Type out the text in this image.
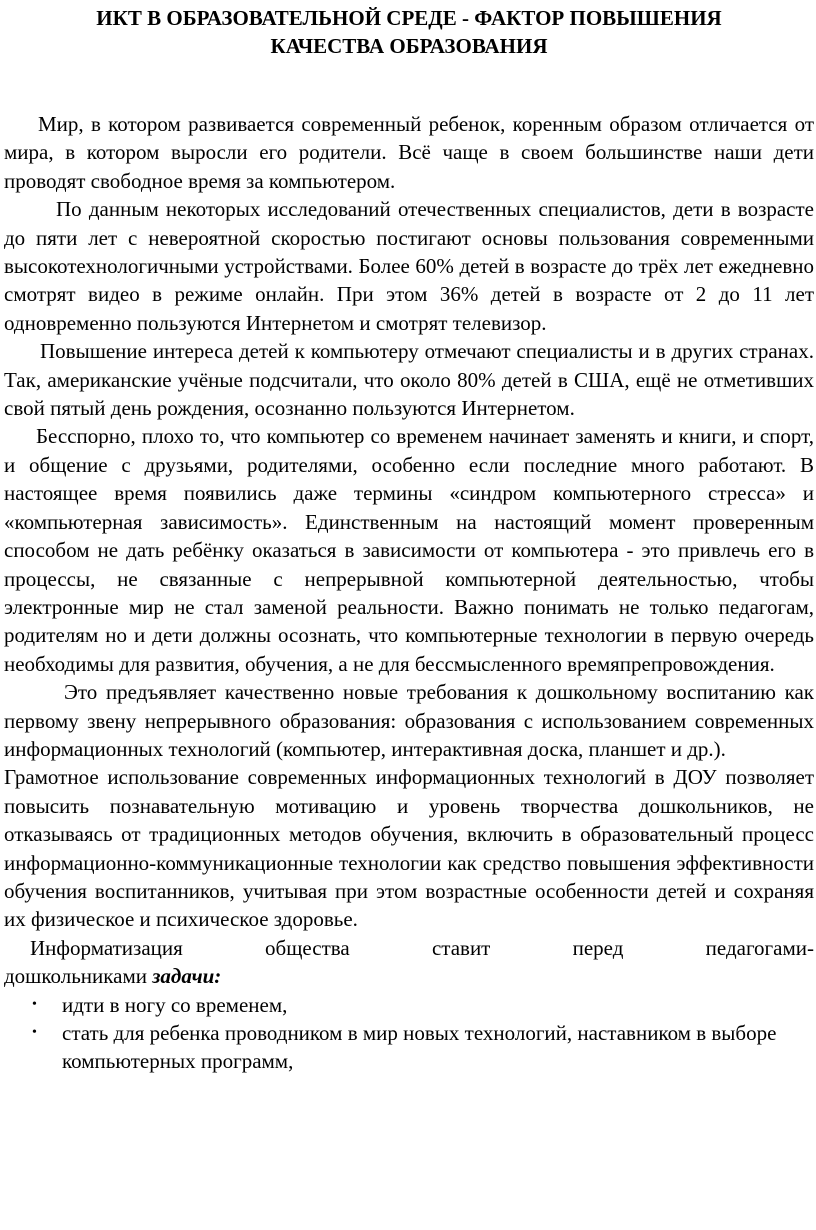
ИКТ В ОБРАЗОВАТЕЛЬНОЙ СРЕДЕ - ФАКТОР ПОВЫШЕНИЯ
КАЧЕСТВА ОБРАЗОВАНИЯ

Мир, в котором развивается современный ребенок, коренным образом отличается от мира, в котором выросли его родители. Всё чаще в своем большинстве наши дети проводят свободное время за компьютером.

По данным некоторых исследований отечественных специалистов, дети в возрасте до пяти лет с невероятной скоростью постигают основы пользования современными высокотехнологичными устройствами. Более 60% детей в возрасте до трёх лет ежедневно смотрят видео в режиме онлайн. При этом 36% детей в возрасте от 2 до 11 лет одновременно пользуются Интернетом и смотрят телевизор.

Повышение интереса детей к компьютеру отмечают специалисты и в других странах. Так, американские учёные подсчитали, что около 80% детей в США, ещё не отметивших свой пятый день рождения, осознанно пользуются Интернетом.

Бесспорно, плохо то, что компьютер со временем начинает заменять и книги, и спорт, и общение с друзьями, родителями, особенно если последние много работают. В настоящее время появились даже термины «синдром компьютерного стресса» и «компьютерная зависимость». Единственным на настоящий момент проверенным способом не дать ребёнку оказаться в зависимости от компьютера - это привлечь его в процессы, не связанные с непрерывной компьютерной деятельностью, чтобы электронные мир не стал заменой реальности. Важно понимать не только педагогам, родителям но и дети должны осознать, что компьютерные технологии в первую очередь необходимы для развития, обучения, а не для бессмысленного времяпрепровождения.

Это предъявляет качественно новые требования к дошкольному воспитанию как первому звену непрерывного образования: образования с использованием современных информационных технологий (компьютер, интерактивная доска, планшет и др.).

Грамотное использование современных информационных технологий в ДОУ позволяет повысить познавательную мотивацию и уровень творчества дошкольников, не отказываясь от традиционных методов обучения, включить в образовательный процесс информационно-коммуникационные технологии как средство повышения эффективности обучения воспитанников, учитывая при этом возрастные особенности детей и сохраняя их физическое и психическое здоровье.

Информатизация	общества	ставит	перед	педагогами-
дошкольниками задачи:
• идти в ногу со временем,
• стать для ребенка проводником в мир новых технологий, наставником в выборе компьютерных программ,
